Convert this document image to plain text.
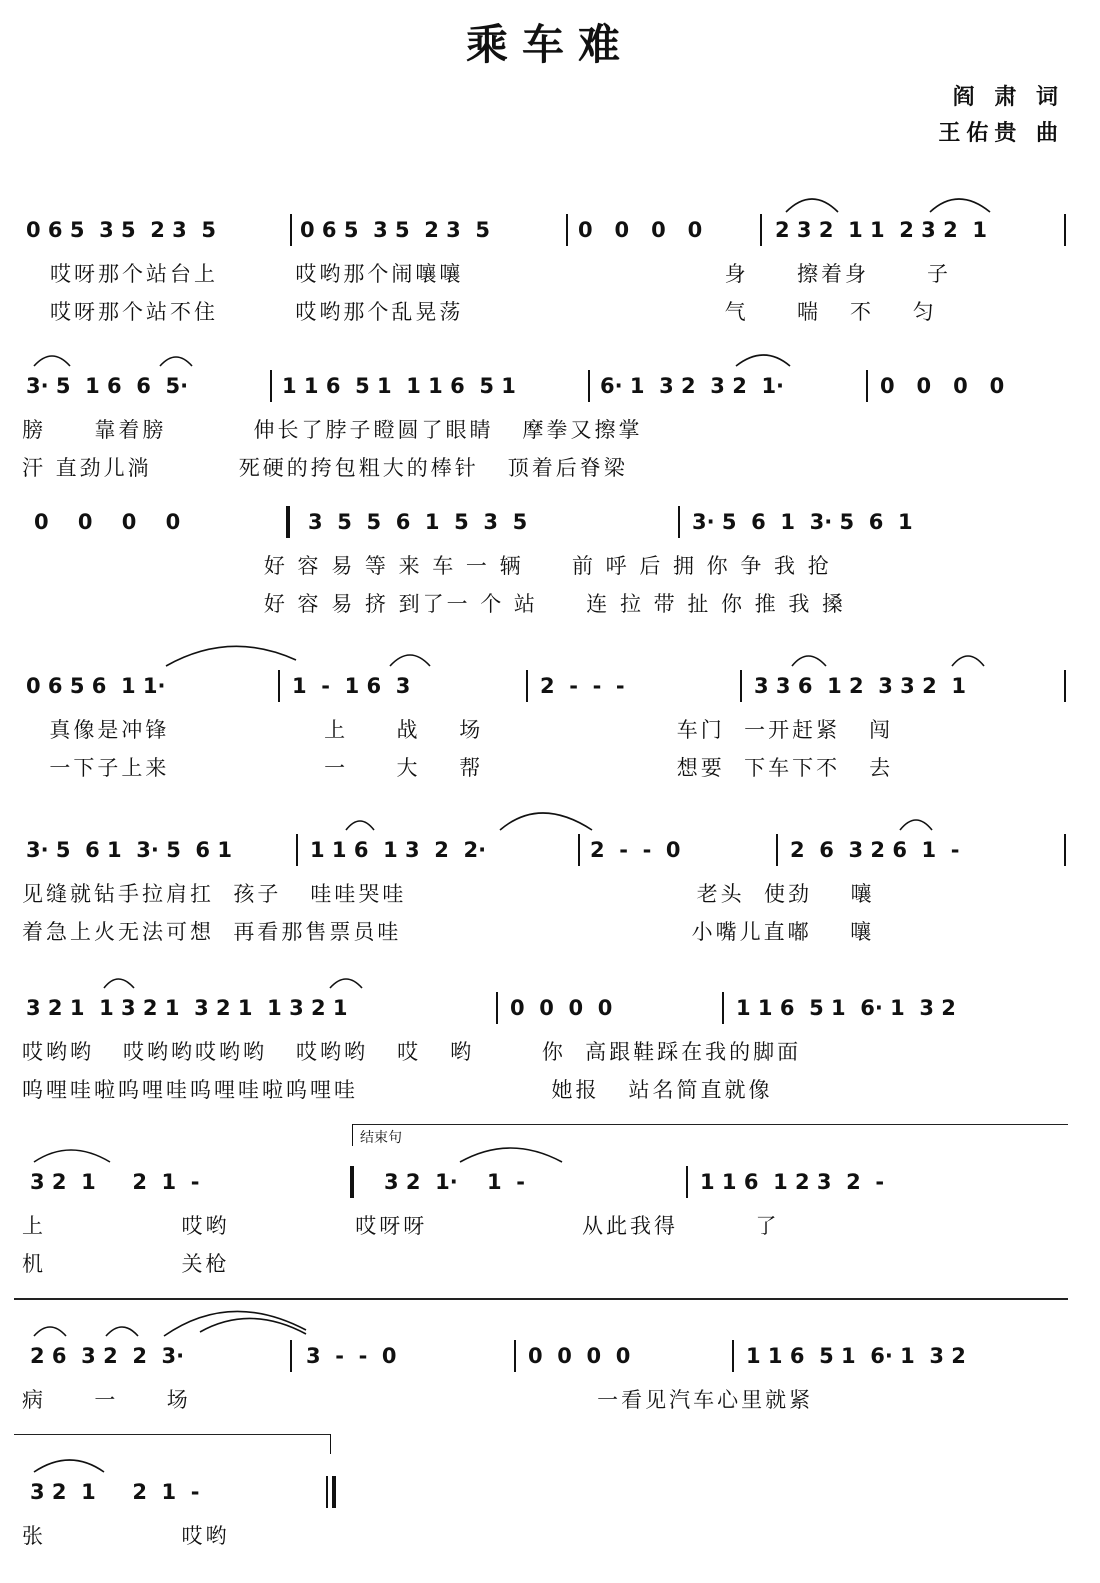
乘车难
阎 肃 词
王佑贵 曲
0 6 5  3 5  2 3  5	0 6 5  3 5  2 3  5	0   0   0   0	2 3 2  1 1  2 3 2  1
哎呀那个站台上        哎哟那个闹嚷嚷                           身     擦着身      子
哎呀那个站不住        哎哟那个乱晃荡                           气     喘   不    匀
3· 5  1 6  6  5·	1 1 6  5 1  1 1 6  5 1	6· 1  3 2  3 2  1·	0   0   0   0
膀     靠着膀         伸长了脖子瞪圆了眼睛   摩拳又擦掌
汗 直劲儿淌         死硬的挎包粗大的棒针   顶着后脊梁
0    0    0    0	3  5  5  6  1  5  3  5	3· 5  6  1  3· 5  6  1
好 容 易 等 来 车 一 辆     前 呼 后 拥 你 争 我 抢
好 容 易 挤 到了一 个 站     连 拉 带 扯 你 推 我 搡
0 6 5 6  1 1·	1  -  1 6  3	2  -  -  -	3 3 6  1 2  3 3 2  1
真像是冲锋                上     战    场                    车门  一开赶紧   闯
一下子上来                一     大    帮                    想要  下车下不   去
3· 5  6 1  3· 5  6 1	1 1 6  1 3  2  2·	2  -  -  0	2  6  3 2 6  1  -
见缝就钻手拉肩扛  孩子   哇哇哭哇                              老头  使劲    嚷
着急上火无法可想  再看那售票员哇                              小嘴儿直嘟    嚷
3 2 1  1 3 2 1  3 2 1  1 3 2 1	0  0  0  0	1 1 6  5 1  6· 1  3 2
哎哟哟   哎哟哟哎哟哟   哎哟哟   哎   哟       你  高跟鞋踩在我的脚面
呜哩哇啦呜哩哇呜哩哇啦呜哩哇                    她报   站名简直就像
结束句
3 2  1     2  1  -	3 2  1·    1  -	1 1 6  1 2 3  2  -
上              哎哟             哎呀呀                从此我得        了
机              关枪
2 6  3 2  2  3·	3  -  -  0	0  0  0  0	1 1 6  5 1  6· 1  3 2
病     一     场                                          一看见汽车心里就紧
3 2  1     2  1  -
张              哎哟
